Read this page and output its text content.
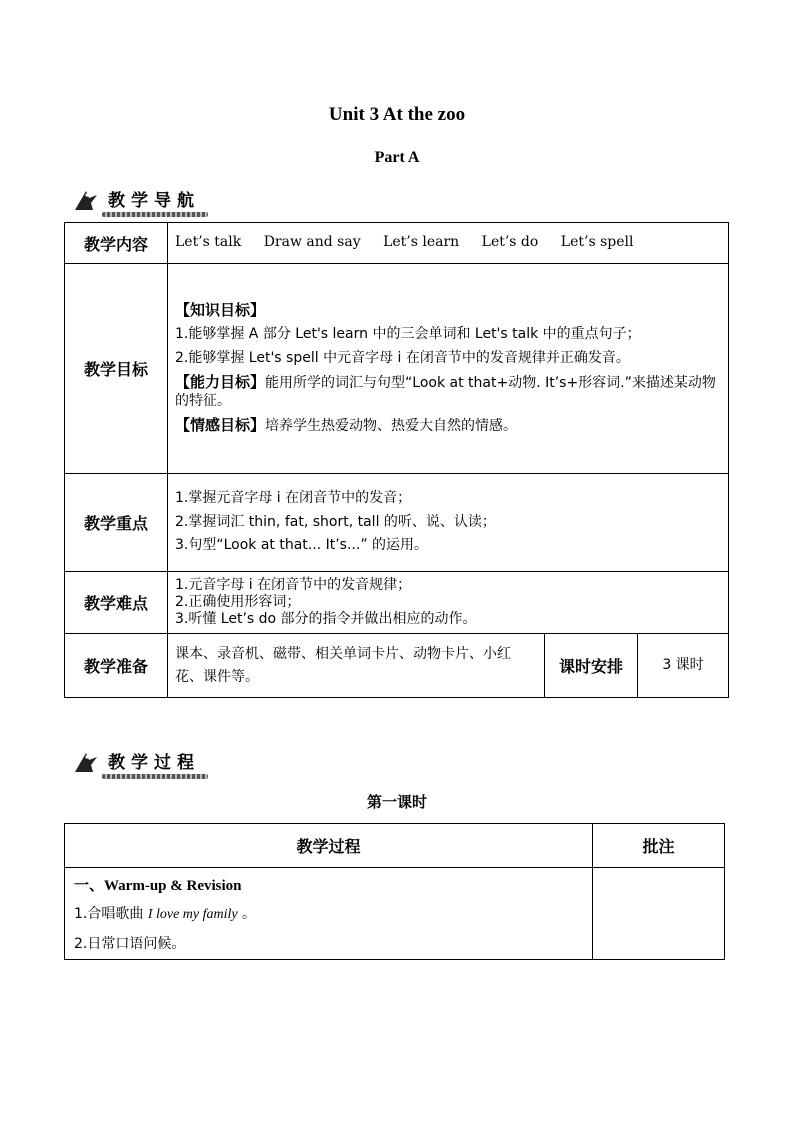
Unit 3 At the zoo
Part A
教学导航
教学内容	Let’s talk Draw and say Let’s learn Let’s do Let’s spell		
教学目标	【知识目标】
1.能够掌握 A 部分 Let's learn 中的三会单词和 Let's talk 中的重点句子；
2.能够掌握 Let's spell 中元音字母 i 在闭音节中的发音规律并正确发音。
【能力目标】能用所学的词汇与句型“Look at that+动物. It’s+形容词.”来描述某动物的特征。
【情感目标】培养学生热爱动物、热爱大自然的情感。		

教学重点	1.掌握元音字母 i 在闭音节中的发音；
2.掌握词汇 thin, fat, short, tall 的听、说、认读；
3.句型“Look at that... It’s...” 的运用。		

教学难点	1.元音字母 i 在闭音节中的发音规律；
2.正确使用形容词；
3.听懂 Let’s do 部分的指令并做出相应的动作。		

教学准备	课本、录音机、磁带、相关单词卡片、动物卡片、小红花、课件等。	课时安排	3 课时
教学过程
第一课时
教学过程	批注

一、Warm-up & Revision
1.合唱歌曲 I love my family 。
2.日常口语问候。	
